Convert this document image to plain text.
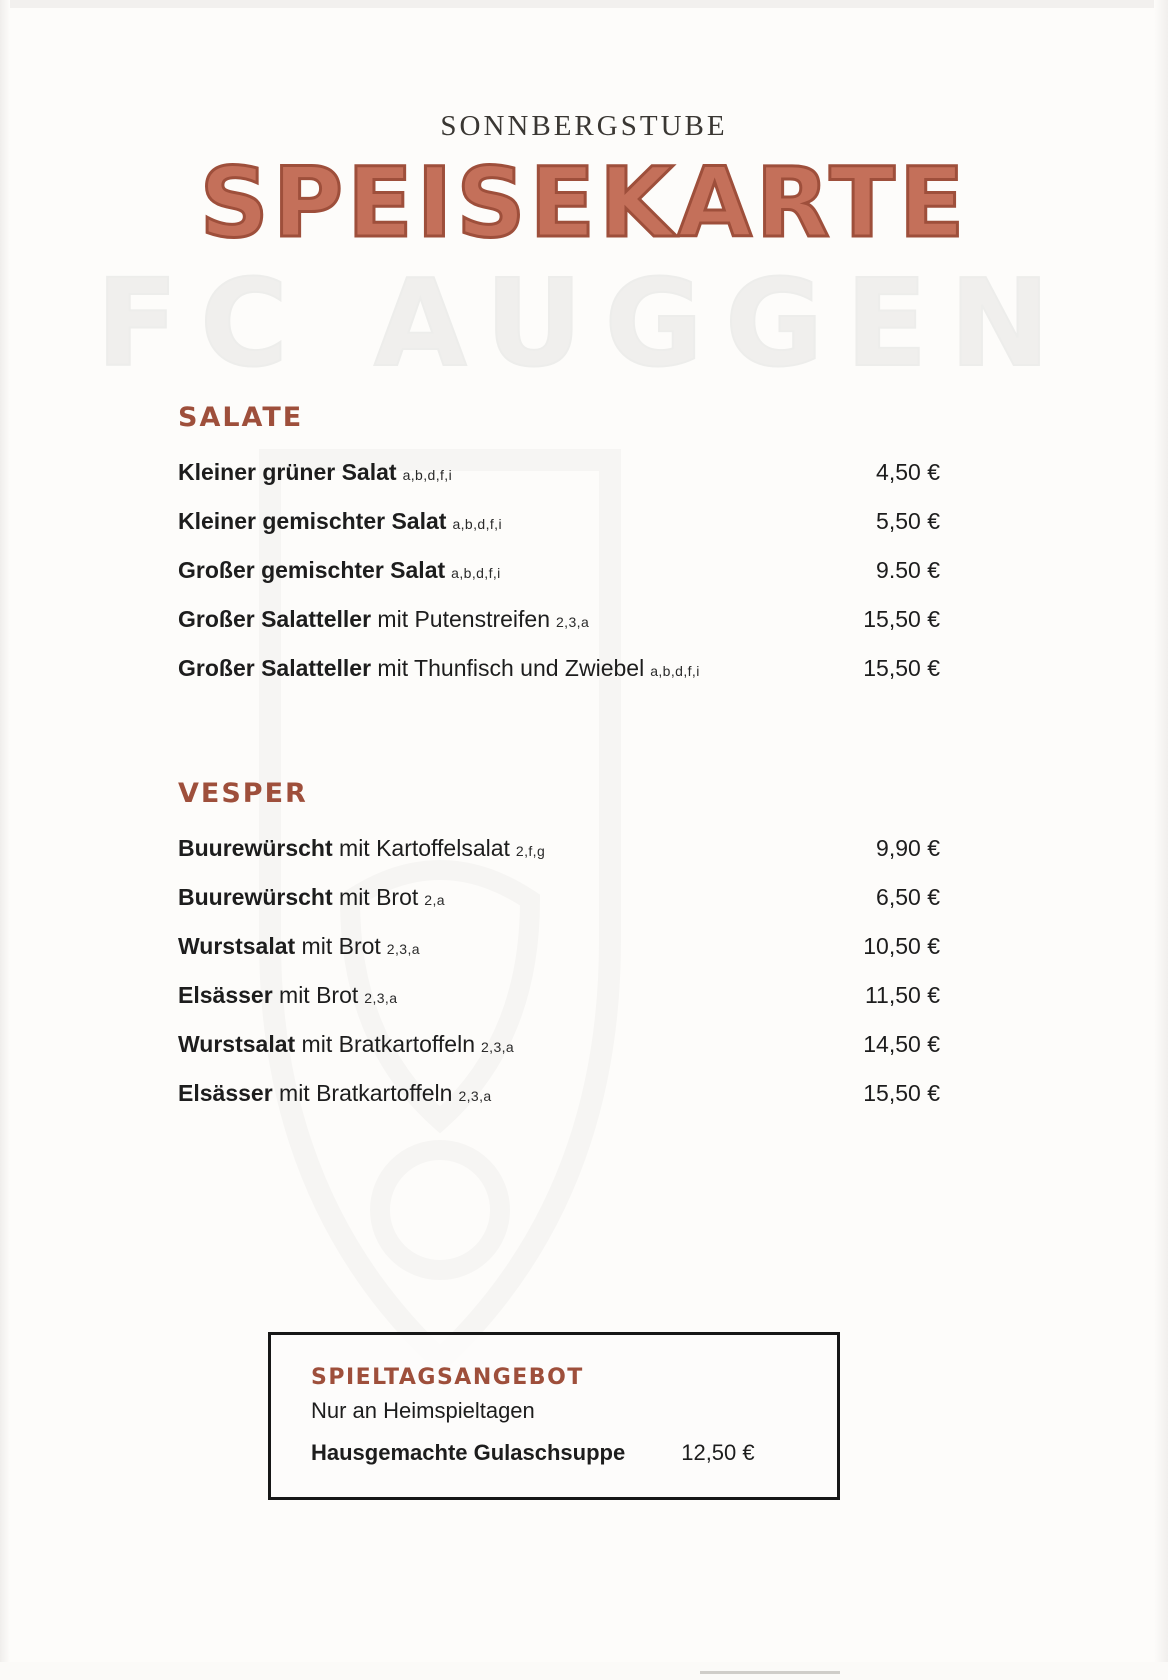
FC AUGGEN
SONNBERGSTUBE
SPEISEKARTE
SALATE
Kleiner grüner Salat a,b,d,f,i	4,50 €
Kleiner gemischter Salat a,b,d,f,i	5,50 €
Großer gemischter Salat a,b,d,f,i	9.50 €
Großer Salatteller mit Putenstreifen 2,3,a	15,50 €
Großer Salatteller mit Thunfisch und Zwiebel a,b,d,f,i	15,50 €
VESPER
Buurewürscht mit Kartoffelsalat 2,f,g	9,90 €
Buurewürscht mit Brot 2,a	6,50 €
Wurstsalat mit Brot 2,3,a	10,50 €
Elsässer mit Brot 2,3,a	11,50 €
Wurstsalat mit Bratkartoffeln 2,3,a	14,50 €
Elsässer mit Bratkartoffeln 2,3,a	15,50 €
SPIELTAGSANGEBOT
Nur an Heimspieltagen
Hausgemachte Gulaschsuppe	12,50 €
